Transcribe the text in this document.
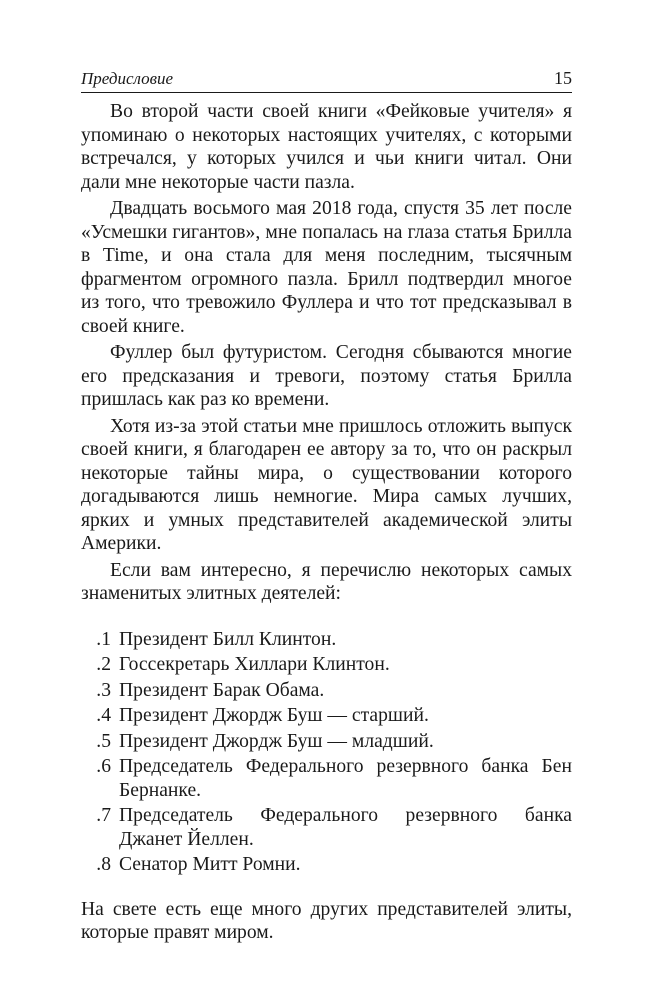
Предисловие	15

Во второй части своей книги «Фейковые учителя» я упоминаю о некоторых настоящих учителях, с которыми встречался, у которых учился и чьи книги читал. Они дали мне некоторые части пазла.

Двадцать восьмого мая 2018 года, спустя 35 лет после «Усмешки гигантов», мне попалась на глаза статья Брилла в Time, и она стала для меня последним, тысячным фрагментом огромного пазла. Брилл подтвердил многое из того, что тревожило Фуллера и что тот предсказывал в своей книге.

Фуллер был футуристом. Сегодня сбываются многие его предсказания и тревоги, поэтому статья Брилла пришлась как раз ко времени.

Хотя из-за этой статьи мне пришлось отложить выпуск своей книги, я благодарен ее автору за то, что он раскрыл некоторые тайны мира, о существовании которого догадываются лишь немногие. Мира самых лучших, ярких и умных представителей академической элиты Америки.

Если вам интересно, я перечислю некоторых самых знаменитых элитных деятелей:

1. Президент Билл Клинтон.
2. Госсекретарь Хиллари Клинтон.
3. Президент Барак Обама.
4. Президент Джордж Буш — старший.
5. Президент Джордж Буш — младший.
6. Председатель Федерального резервного банка Бен Бернанке.
7. Председатель Федерального резервного банка Джанет Йеллен.
8. Сенатор Митт Ромни.

На свете есть еще много других представителей элиты, которые правят миром.
